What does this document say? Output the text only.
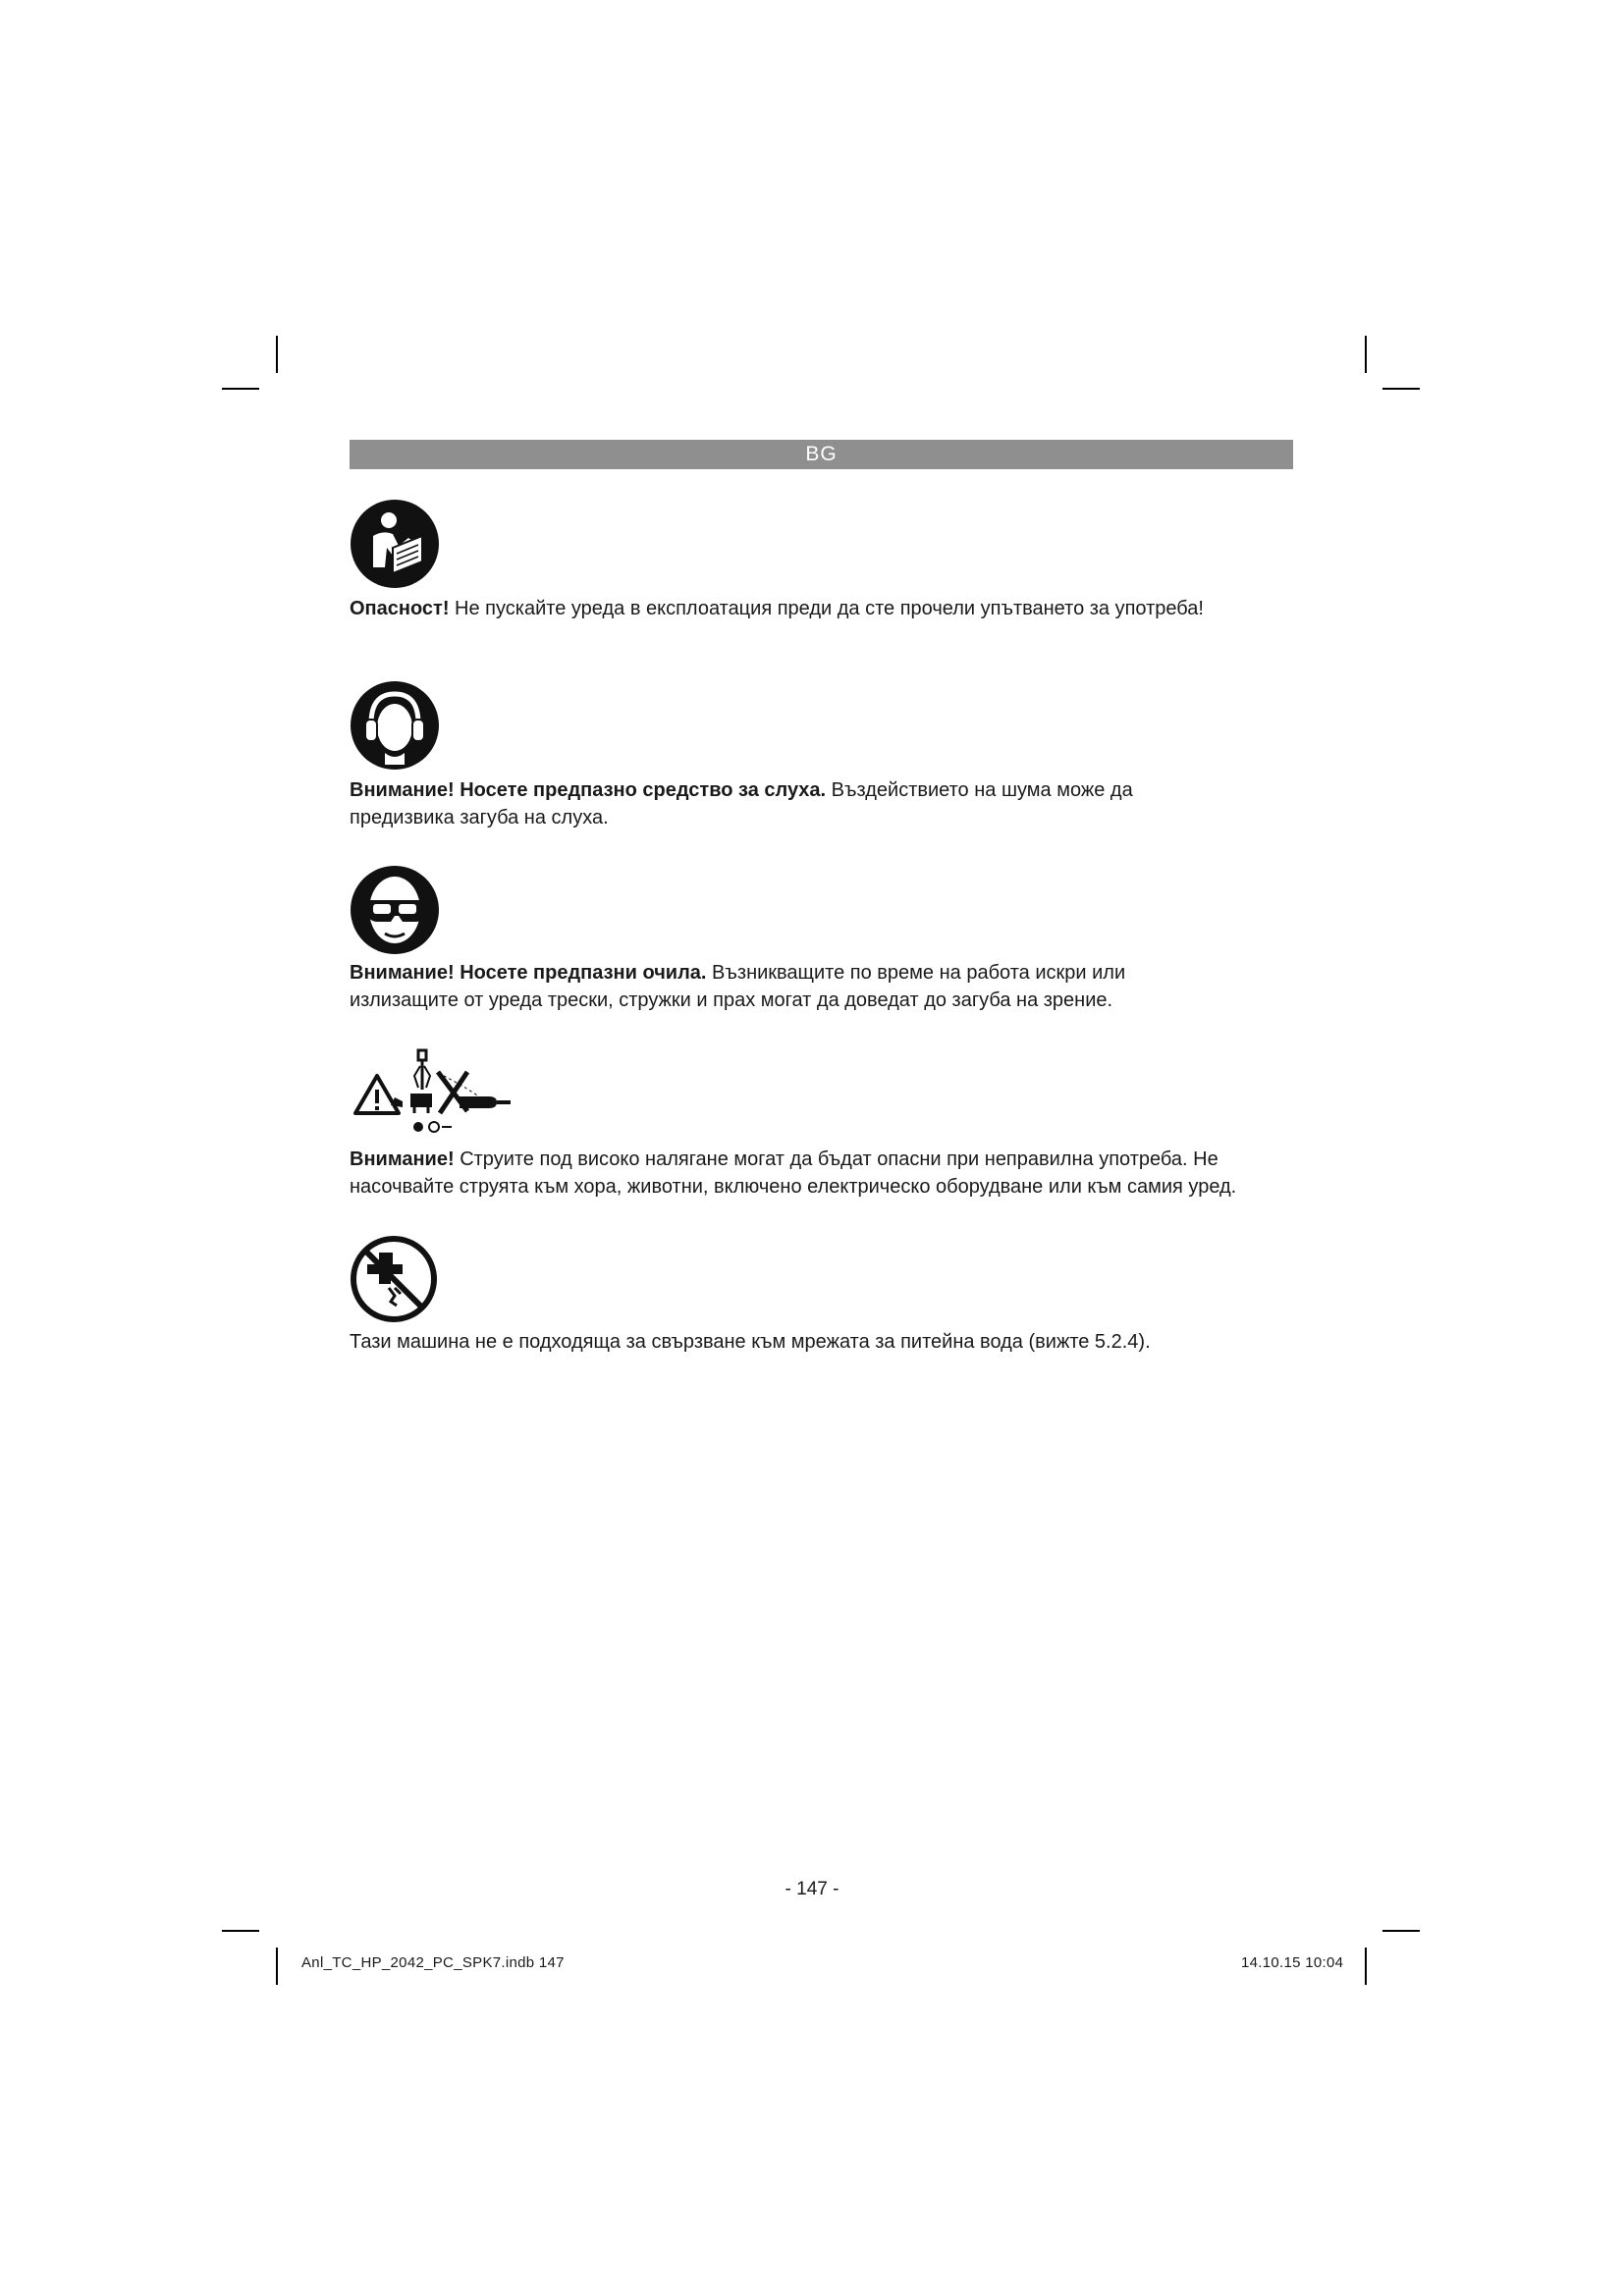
BG

Опасност! Не пускайте уреда в експлоатация преди да сте прочели упътването за употреба!

Внимание! Носете предпазно средство за слуха. Въздействието на шума може да предизвика загуба на слуха.

Внимание! Носете предпазни очила. Възникващите по време на работа искри или излизащите от уреда трески, стружки и прах могат да доведат до загуба на зрение.

Внимание! Струите под високо налягане могат да бъдат опасни при неправилна употреба. Не насочвайте струята към хора, животни, включено електрическо оборудване или към самия уред.

Тази машина не е подходяща за свързване към мрежата за питейна вода (вижте 5.2.4).

- 147 -
Anl_TC_HP_2042_PC_SPK7.indb 147	14.10.15 10:04
